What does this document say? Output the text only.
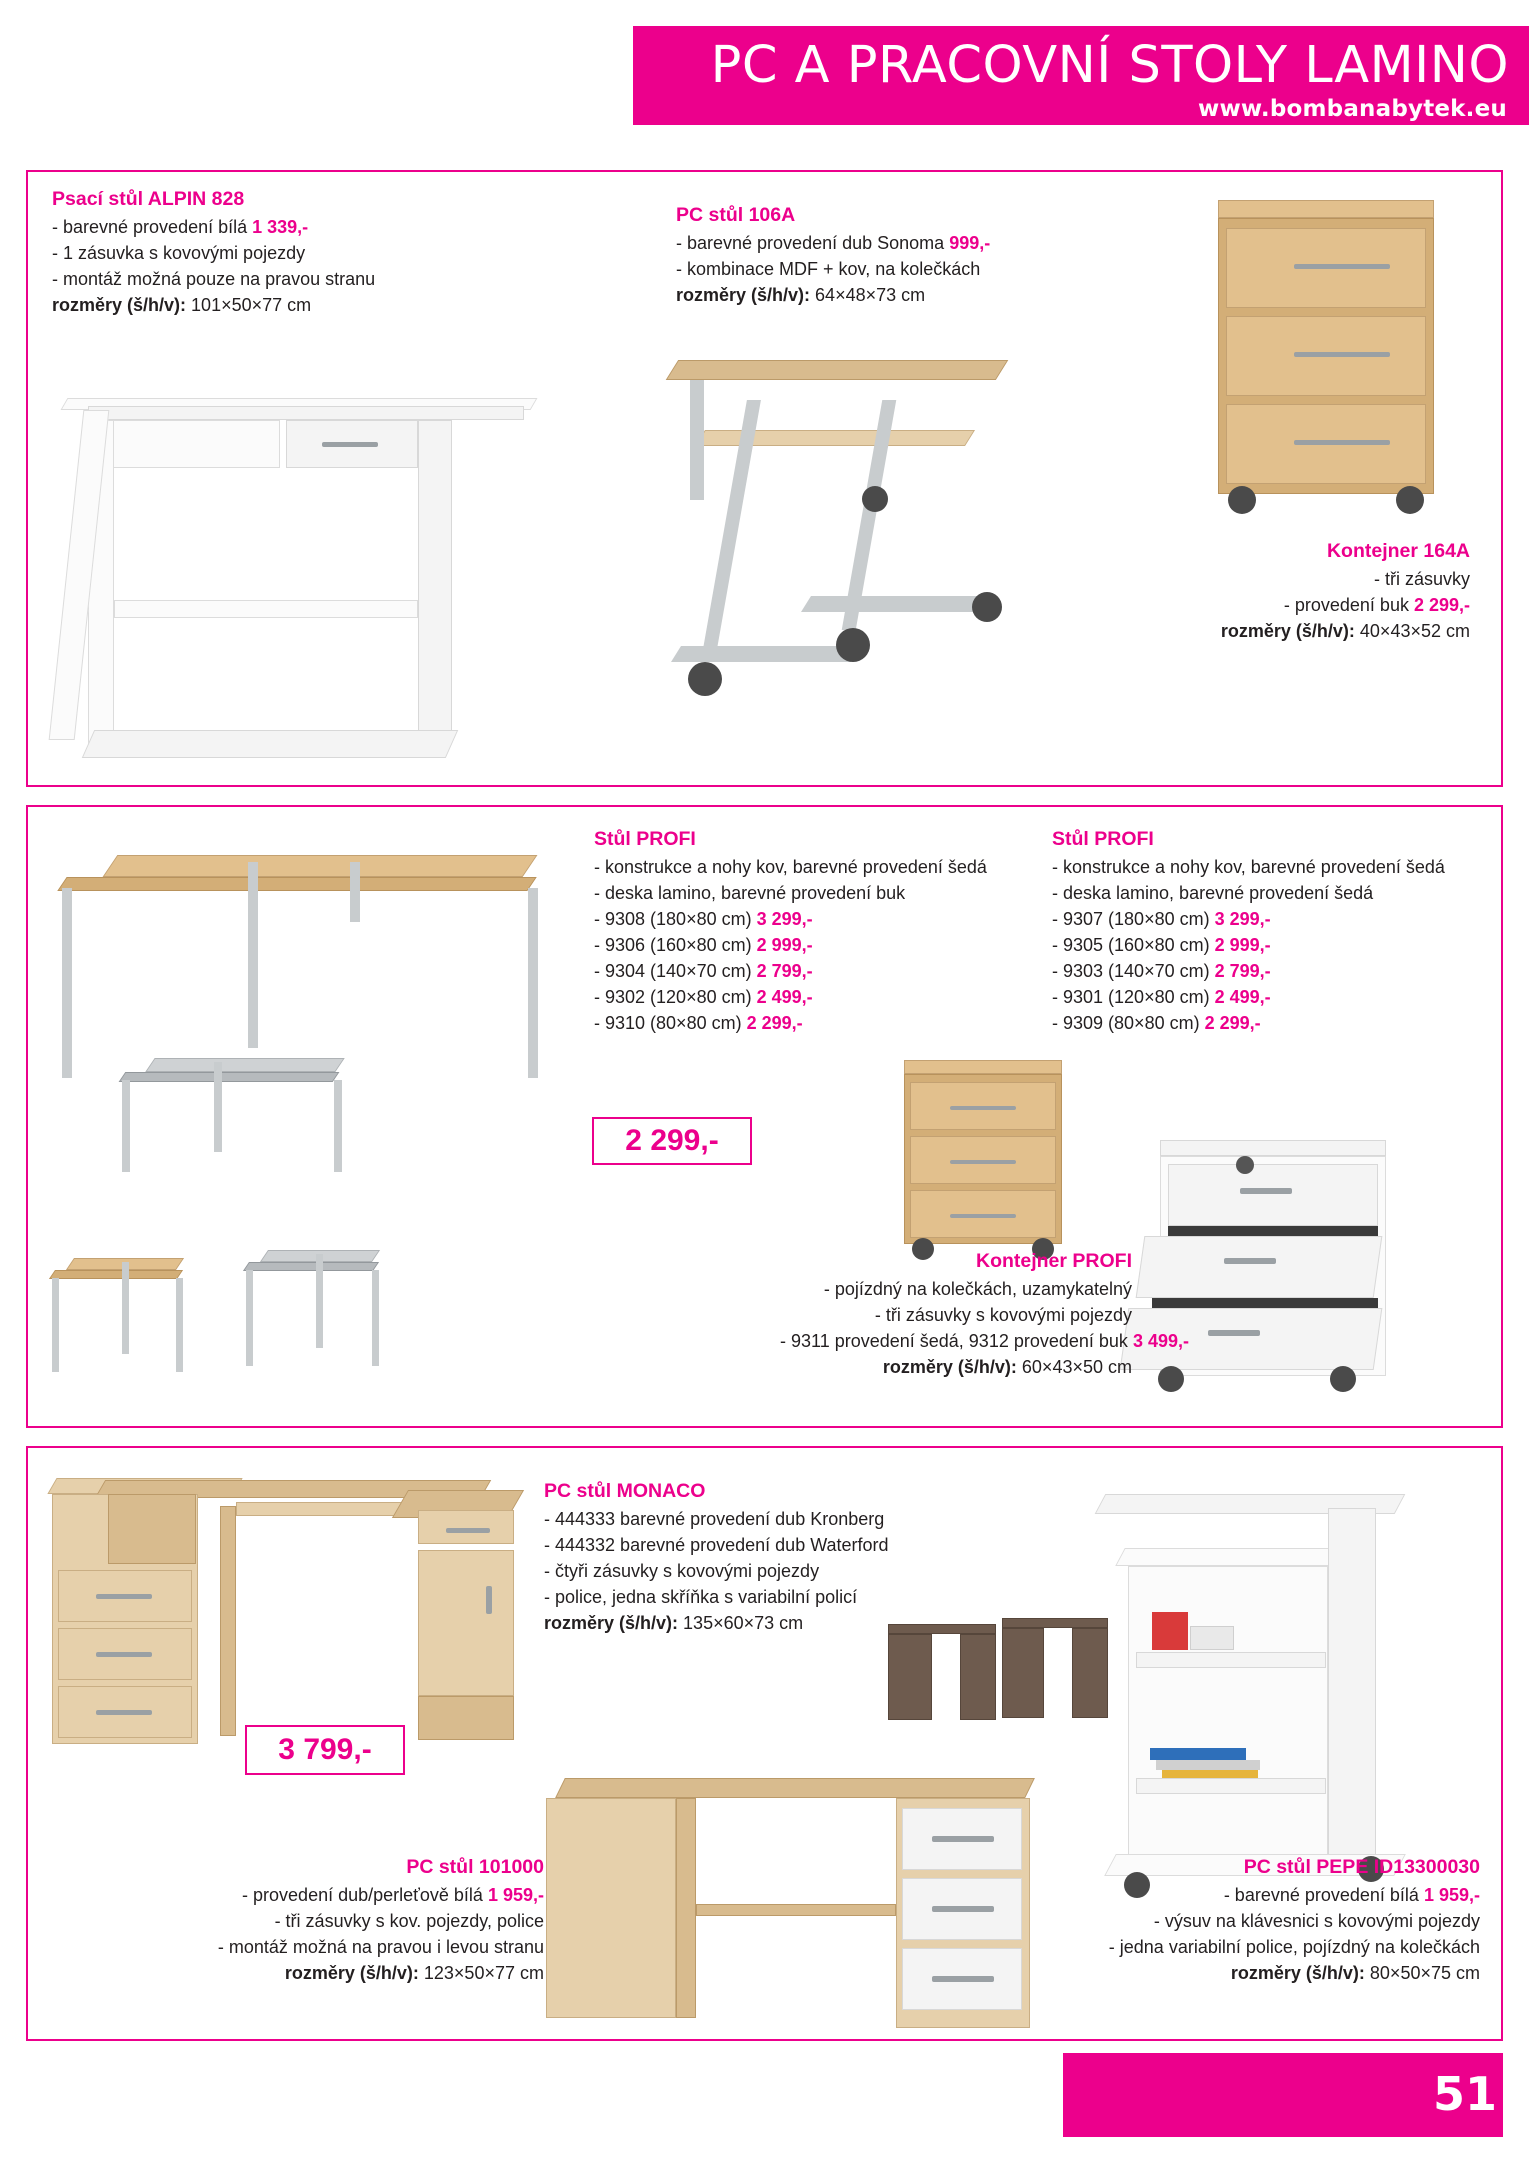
PC A PRACOVNÍ STOLY LAMINO
www.bombanabytek.eu
Psací stůl ALPIN 828
- barevné provedení bílá 1 339,-
- 1 zásuvka s kovovými pojezdy
- montáž možná pouze na pravou stranu
rozměry (š/h/v): 101×50×77 cm
PC stůl 106A
- barevné provedení dub Sonoma 999,-
- kombinace MDF + kov, na kolečkách
rozměry (š/h/v): 64×48×73 cm
Kontejner 164A
- tři zásuvky
- provedení buk 2 299,-
rozměry (š/h/v): 40×43×52 cm
Stůl PROFI
- konstrukce a nohy kov, barevné provedení šedá
- deska lamino, barevné provedení buk
- 9308 (180×80 cm) 3 299,-
- 9306 (160×80 cm) 2 999,-
- 9304 (140×70 cm) 2 799,-
- 9302 (120×80 cm) 2 499,-
- 9310 (80×80 cm) 2 299,-
2 299,-
Stůl PROFI
- konstrukce a nohy kov, barevné provedení šedá
- deska lamino, barevné provedení šedá
- 9307 (180×80 cm) 3 299,-
- 9305 (160×80 cm) 2 999,-
- 9303 (140×70 cm) 2 799,-
- 9301 (120×80 cm) 2 499,-
- 9309 (80×80 cm) 2 299,-
Kontejner PROFI
- pojízdný na kolečkách, uzamykatelný
- tři zásuvky s kovovými pojezdy
- 9311 provedení šedá, 9312 provedení buk 3 499,-
rozměry (š/h/v): 60×43×50 cm
3 799,-
PC stůl MONACO
- 444333 barevné provedení dub Kronberg
- 444332 barevné provedení dub Waterford
- čtyři zásuvky s kovovými pojezdy
- police, jedna skříňka s variabilní policí
rozměry (š/h/v): 135×60×73 cm
PC stůl 101000
- provedení dub/perleťově bílá 1 959,-
- tři zásuvky s kov. pojezdy, police
- montáž možná na pravou i levou stranu
rozměry (š/h/v): 123×50×77 cm
PC stůl PEPE ID13300030
- barevné provedení bílá 1 959,-
- výsuv na klávesnici s kovovými pojezdy
- jedna variabilní police, pojízdný na kolečkách
rozměry (š/h/v): 80×50×75 cm
51
